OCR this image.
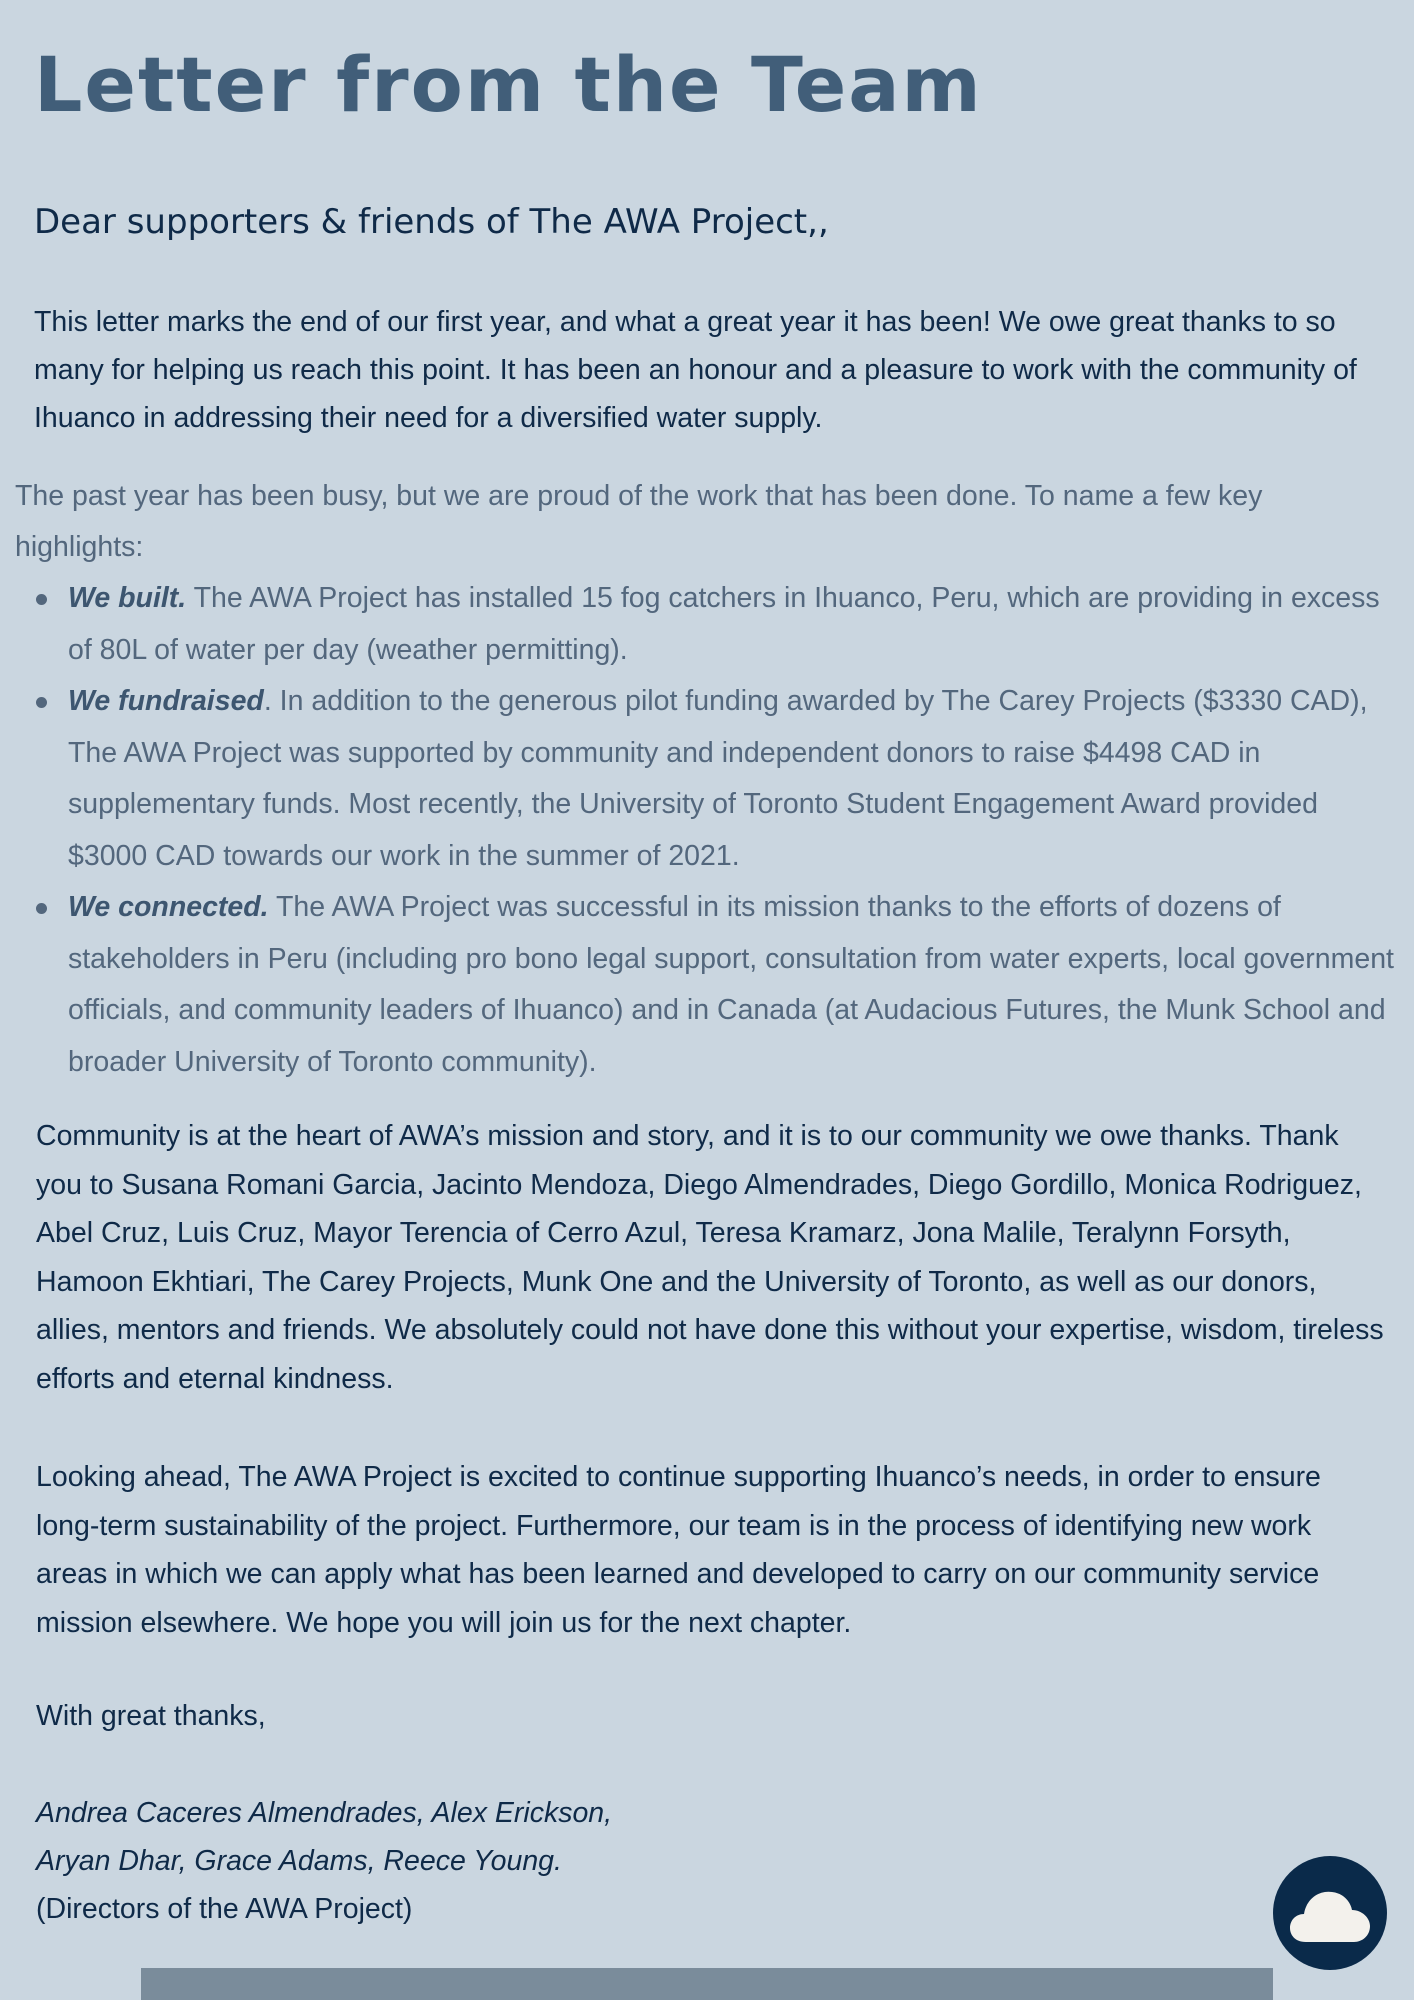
Letter from the Team
Dear supporters & friends of The AWA Project,,

This letter marks the end of our first year, and what a great year it has been! We owe great thanks to so many for helping us reach this point. It has been an honour and a pleasure to work with the community of Ihuanco in addressing their need for a diversified water supply.

The past year has been busy, but we are proud of the work that has been done. To name a few key highlights:

We built. The AWA Project has installed 15 fog catchers in Ihuanco, Peru, which are providing in excess of 80L of water per day (weather permitting).
We fundraised. In addition to the generous pilot funding awarded by The Carey Projects ($3330 CAD), The AWA Project was supported by community and independent donors to raise $4498 CAD in supplementary funds. Most recently, the University of Toronto Student Engagement Award provided $3000 CAD towards our work in the summer of 2021.
We connected. The AWA Project was successful in its mission thanks to the efforts of dozens of stakeholders in Peru (including pro bono legal support, consultation from water experts, local government officials, and community leaders of Ihuanco) and in Canada (at Audacious Futures, the Munk School and broader University of Toronto community).

Community is at the heart of AWA’s mission and story, and it is to our community we owe thanks. Thank you to Susana Romani Garcia, Jacinto Mendoza, Diego Almendrades, Diego Gordillo, Monica Rodriguez, Abel Cruz, Luis Cruz, Mayor Terencia of Cerro Azul, Teresa Kramarz, Jona Malile, Teralynn Forsyth, Hamoon Ekhtiari, The Carey Projects, Munk One and the University of Toronto, as well as our donors, allies, mentors and friends. We absolutely could not have done this without your expertise, wisdom, tireless efforts and eternal kindness.

Looking ahead, The AWA Project is excited to continue supporting Ihuanco’s needs, in order to ensure long-term sustainability of the project. Furthermore, our team is in the process of identifying new work areas in which we can apply what has been learned and developed to carry on our community service mission elsewhere. We hope you will join us for the next chapter.

With great thanks,

Andrea Caceres Almendrades, Alex Erickson,
Aryan Dhar, Grace Adams, Reece Young.
(Directors of the AWA Project)
